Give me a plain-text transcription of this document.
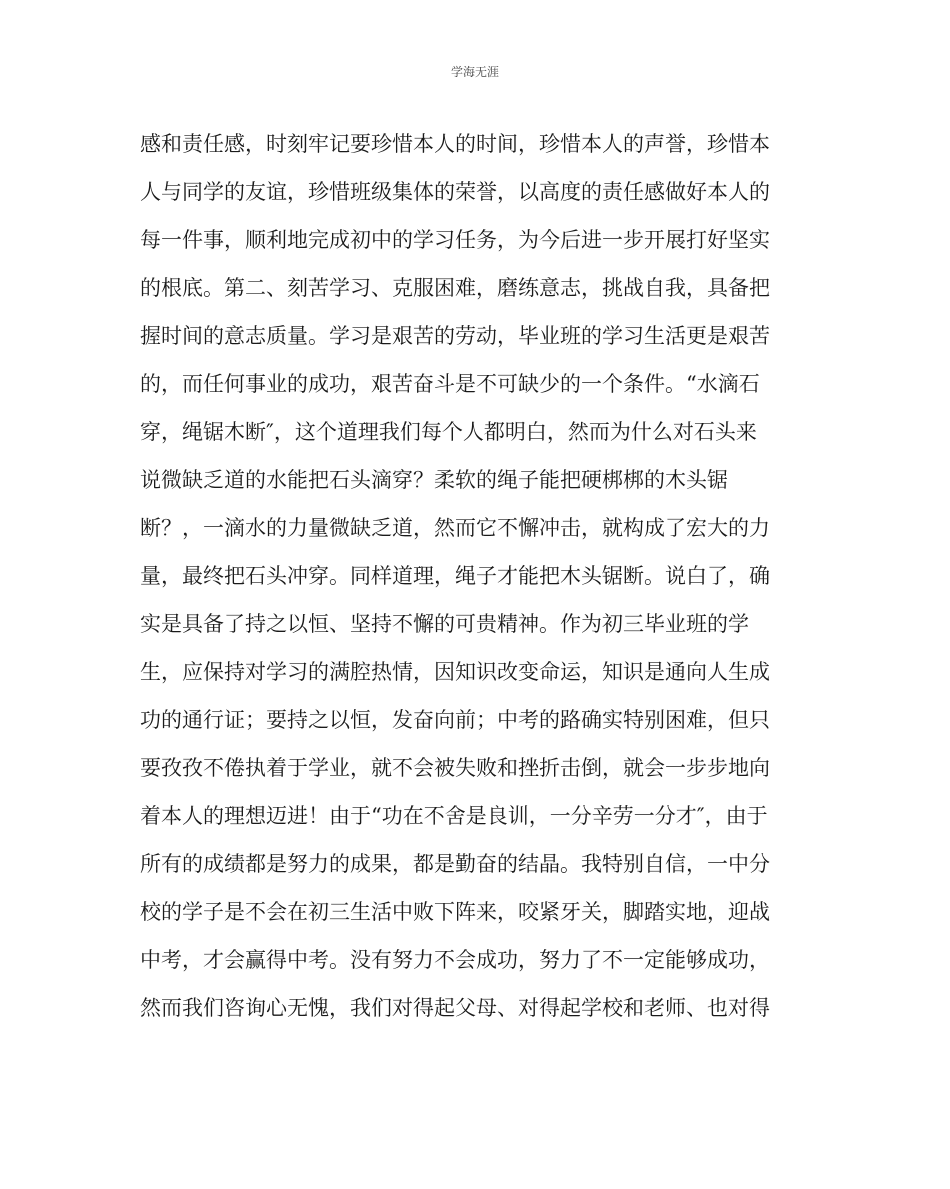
学海无涯
感和责任感，时刻牢记要珍惜本人的时间，珍惜本人的声誉，珍惜本
人与同学的友谊，珍惜班级集体的荣誉，以高度的责任感做好本人的
每一件事，顺利地完成初中的学习任务，为今后进一步开展打好坚实
的根底。第二、刻苦学习、克服困难，磨练意志，挑战自我，具备把
握时间的意志质量。学习是艰苦的劳动，毕业班的学习生活更是艰苦
的，而任何事业的成功，艰苦奋斗是不可缺少的一个条件。“水滴石
穿，绳锯木断″，这个道理我们每个人都明白，然而为什么对石头来
说微缺乏道的水能把石头滴穿？柔软的绳子能把硬梆梆的木头锯
断？，一滴水的力量微缺乏道，然而它不懈冲击，就构成了宏大的力
量，最终把石头冲穿。同样道理，绳子才能把木头锯断。说白了，确
实是具备了持之以恒、坚持不懈的可贵精神。作为初三毕业班的学
生，应保持对学习的满腔热情，因知识改变命运，知识是通向人生成
功的通行证；要持之以恒，发奋向前；中考的路确实特别困难，但只
要孜孜不倦执着于学业，就不会被失败和挫折击倒，就会一步步地向
着本人的理想迈进！由于“功在不舍是良训，一分辛劳一分才″，由于
所有的成绩都是努力的成果，都是勤奋的结晶。我特别自信，一中分
校的学子是不会在初三生活中败下阵来，咬紧牙关，脚踏实地，迎战
中考，才会赢得中考。没有努力不会成功，努力了不一定能够成功，
然而我们咨询心无愧，我们对得起父母、对得起学校和老师、也对得
